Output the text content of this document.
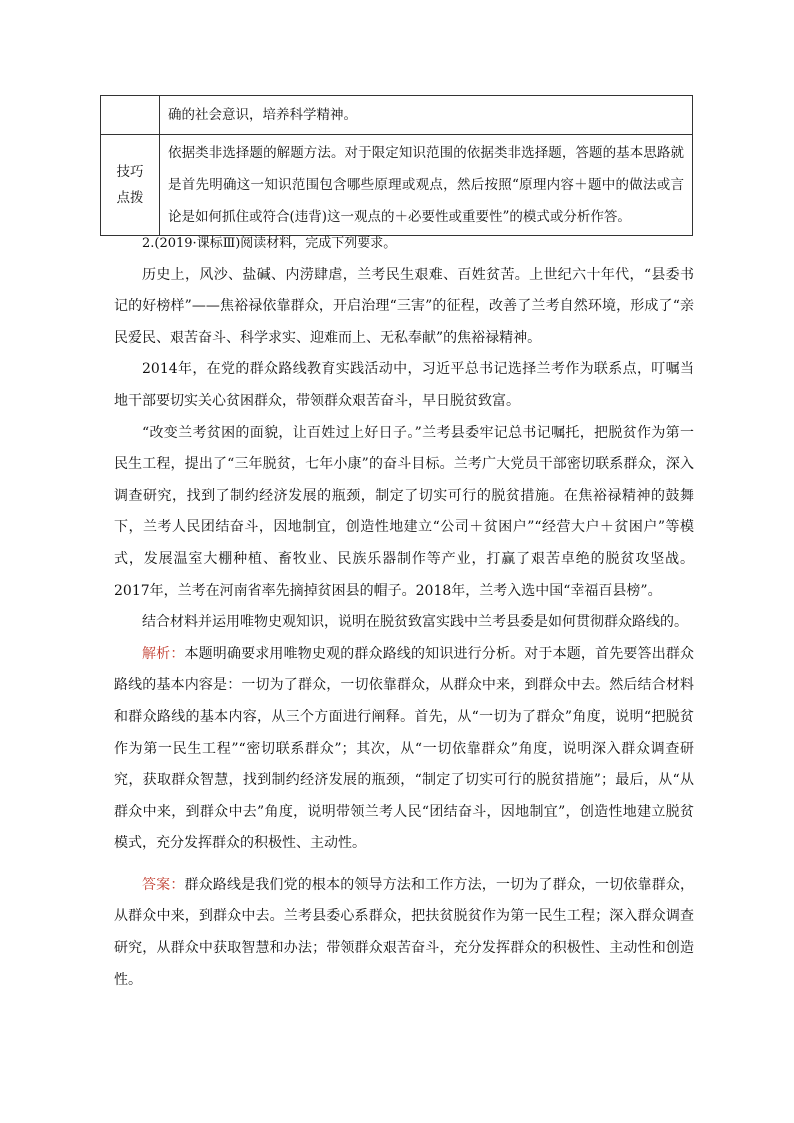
	确的社会意识，培养科学精神。

技巧
点拨	依据类非选择题的解题方法。对于限定知识范围的依据类非选择题，答题的基本思路就是首先明确这一知识范围包含哪些原理或观点，然后按照“原理内容＋题中的做法或言论是如何抓住或符合(违背)这一观点的＋必要性或重要性”的模式或分析作答。

2.(2019·课标Ⅲ)阅读材料，完成下列要求。

历史上，风沙、盐碱、内涝肆虐，兰考民生艰难、百姓贫苦。上世纪六十年代，“县委书记的好榜样”——焦裕禄依靠群众，开启治理“三害”的征程，改善了兰考自然环境，形成了“亲民爱民、艰苦奋斗、科学求实、迎难而上、无私奉献”的焦裕禄精神。

2014年，在党的群众路线教育实践活动中，习近平总书记选择兰考作为联系点，叮嘱当地干部要切实关心贫困群众，带领群众艰苦奋斗，早日脱贫致富。

“改变兰考贫困的面貌，让百姓过上好日子。”兰考县委牢记总书记嘱托，把脱贫作为第一民生工程，提出了“三年脱贫，七年小康”的奋斗目标。兰考广大党员干部密切联系群众，深入调查研究，找到了制约经济发展的瓶颈，制定了切实可行的脱贫措施。在焦裕禄精神的鼓舞下，兰考人民团结奋斗，因地制宜，创造性地建立“公司＋贫困户”“经营大户＋贫困户”等模式，发展温室大棚种植、畜牧业、民族乐器制作等产业，打赢了艰苦卓绝的脱贫攻坚战。2017年，兰考在河南省率先摘掉贫困县的帽子。2018年，兰考入选中国“幸福百县榜”。

结合材料并运用唯物史观知识，说明在脱贫致富实践中兰考县委是如何贯彻群众路线的。

解析：本题明确要求用唯物史观的群众路线的知识进行分析。对于本题，首先要答出群众路线的基本内容是：一切为了群众，一切依靠群众，从群众中来，到群众中去。然后结合材料和群众路线的基本内容，从三个方面进行阐释。首先，从“一切为了群众”角度，说明“把脱贫作为第一民生工程”“密切联系群众”；其次，从“一切依靠群众”角度，说明深入群众调查研究，获取群众智慧，找到制约经济发展的瓶颈，“制定了切实可行的脱贫措施”；最后，从“从群众中来，到群众中去”角度，说明带领兰考人民“团结奋斗，因地制宜”，创造性地建立脱贫模式，充分发挥群众的积极性、主动性。

答案：群众路线是我们党的根本的领导方法和工作方法，一切为了群众，一切依靠群众，从群众中来，到群众中去。兰考县委心系群众，把扶贫脱贫作为第一民生工程；深入群众调查研究，从群众中获取智慧和办法；带领群众艰苦奋斗，充分发挥群众的积极性、主动性和创造性。
